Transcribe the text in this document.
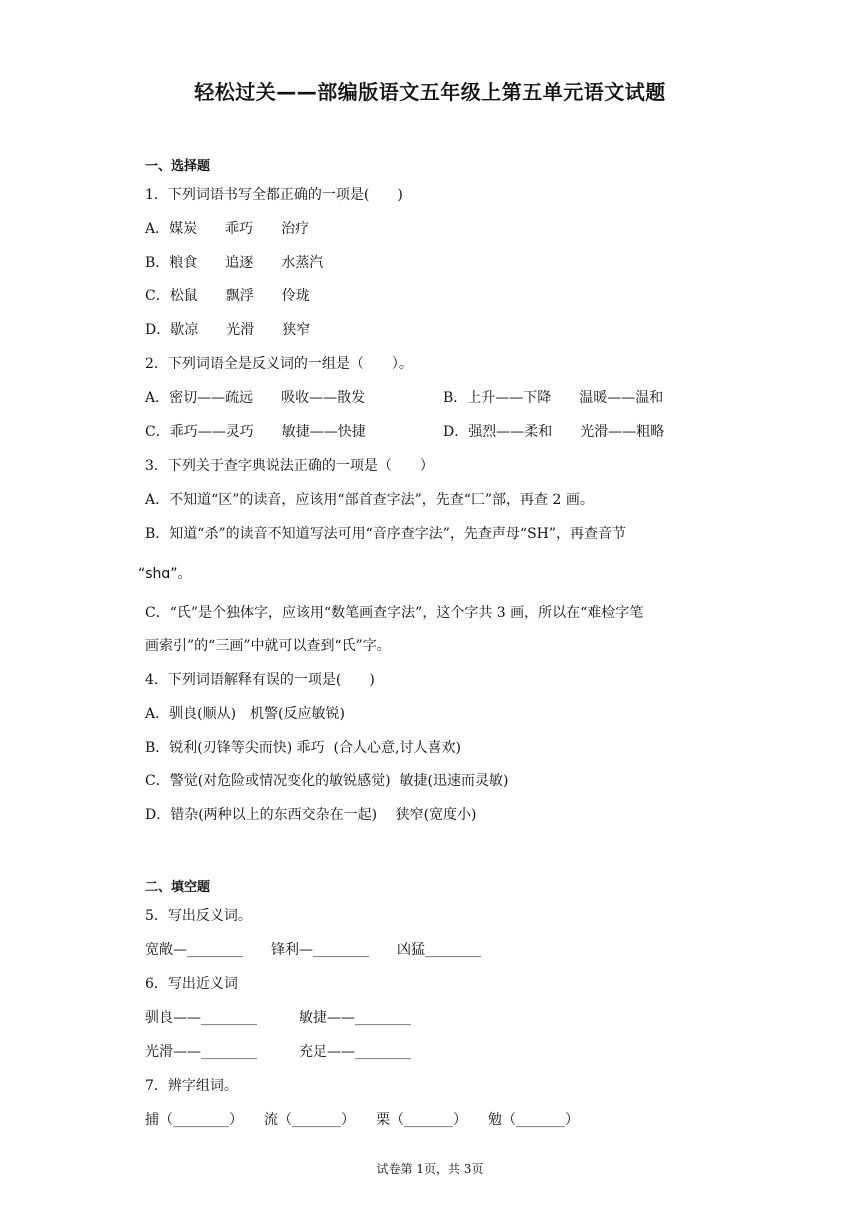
轻松过关——部编版语文五年级上第五单元语文试题
一、选择题
1．下列词语书写全都正确的一项是(　　)
A．媒炭　　乖巧　　治疗
B．粮食　　追逐　　水蒸汽
C．松鼠　　飘浮　　伶珑
D．歇凉　　光滑　　狭窄
2．下列词语全是反义词的一组是（　　）。
A．密切——疏远　　吸收——散发	B．上升——下降　　温暖——温和
C．乖巧——灵巧　　敏捷——快捷	D．强烈——柔和　　光滑——粗略
3．下列关于查字典说法正确的一项是（　　）
A．不知道“区”的读音，应该用“部首查字法”，先查“匚”部，再查 2 画。
B．知道“杀”的读音不知道写法可用“音序查字法”，先查声母“SH”，再查音节
“shɑ”。
C．“氏”是个独体字，应该用“数笔画查字法”，这个字共 3 画，所以在“难检字笔
画索引”的“三画”中就可以查到“氏”字。
4．下列词语解释有误的一项是(　　)
A．驯良(顺从)　机警(反应敏锐)
B．锐利(刃锋等尖而快) 乖巧  (合人心意,讨人喜欢)
C．警觉(对危险或情况变化的敏锐感觉)  敏捷(迅速而灵敏)
D．错杂(两种以上的东西交杂在一起)　 狭窄(宽度小)
二、填空题
5．写出反义词。
宽敞—________　　锋利—________　　凶猛________
6．写出近义词
驯良——________　　　敏捷——________
光滑——________　　　充足——________
7．辨字组词。
捕（________）　　流（_______）　　栗（_______）　　勉（_______）
试卷第 1页，共 3页
